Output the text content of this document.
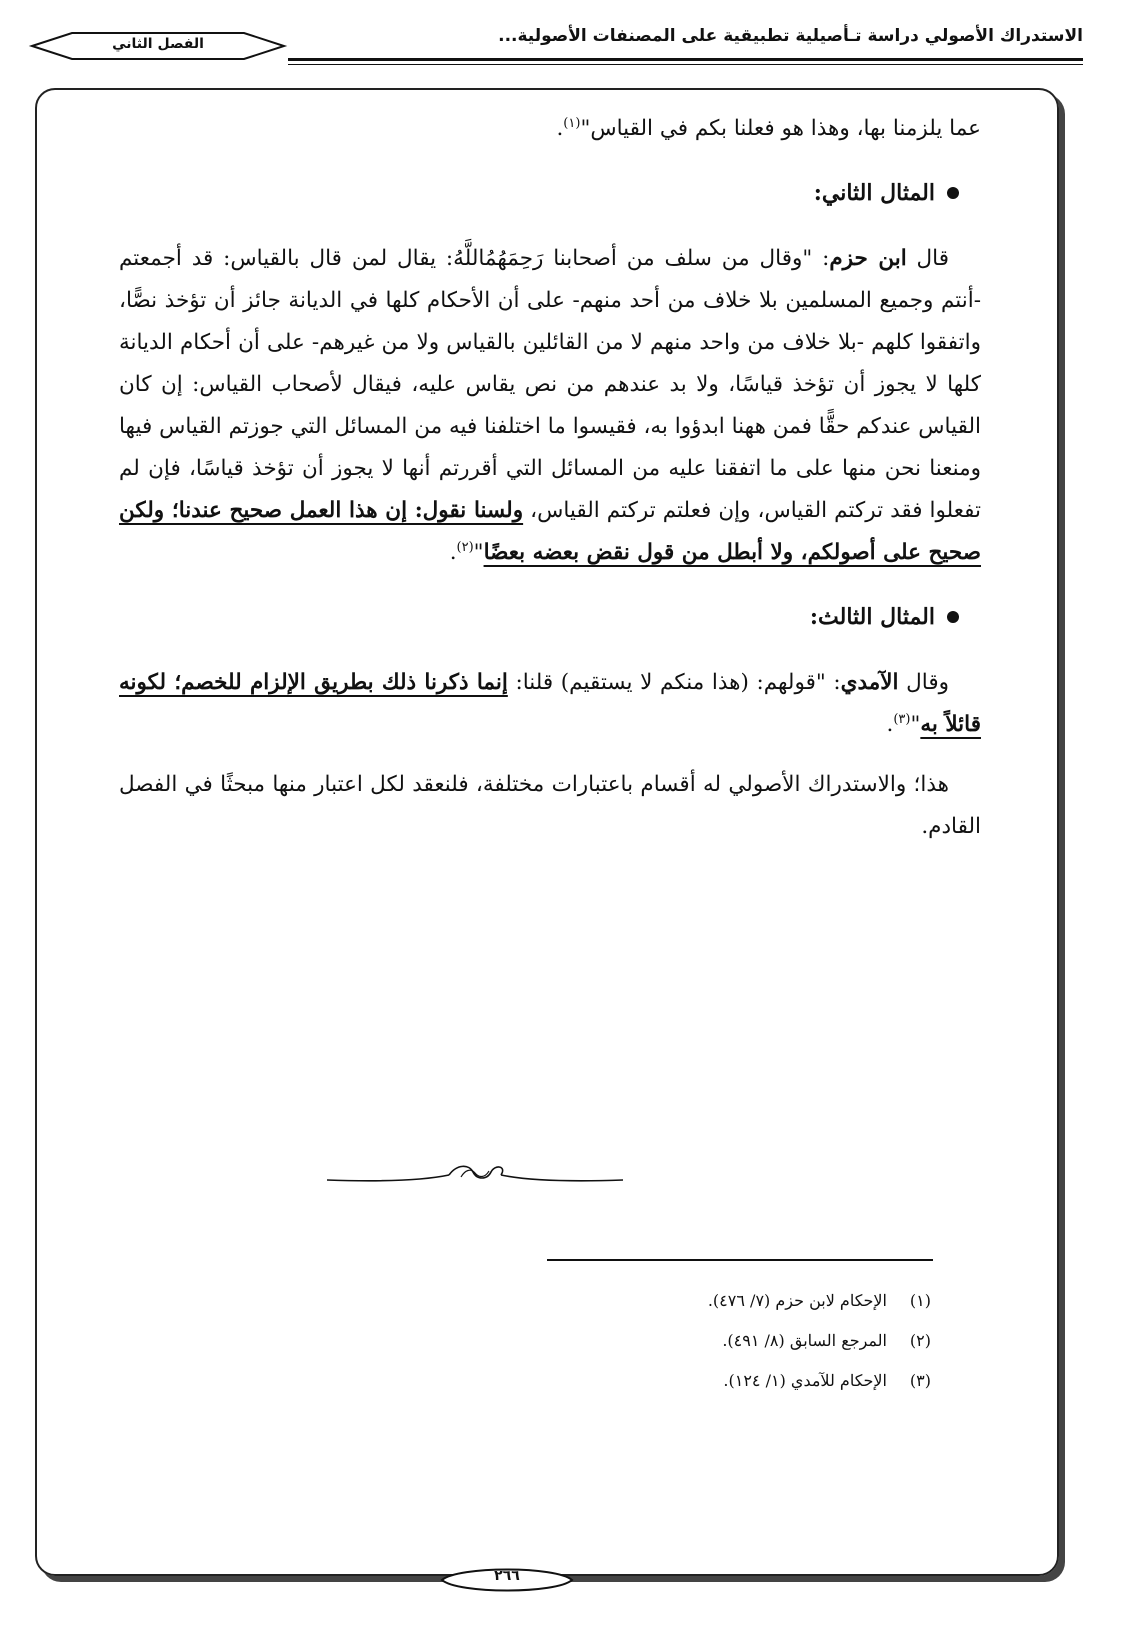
الاستدراك الأصولي دراسة تـأصيلية تطبيقية على المصنفات الأصولية...
الفصل الثاني

عما يلزمنا بها، وهذا هو فعلنا بكم في القياس"$^{(١)}$.

المثال الثاني:

قال ابن حزم: "وقال من سلف من أصحابنا رَحِمَهُمُاللَّهُ: يقال لمن قال بالقياس: قد أجمعتم -أنتم وجميع المسلمين بلا خلاف من أحد منهم- على أن الأحكام كلها في الديانة جائز أن تؤخذ نصًّا، واتفقوا كلهم -بلا خلاف من واحد منهم لا من القائلين بالقياس ولا من غيرهم- على أن أحكام الديانة كلها لا يجوز أن تؤخذ قياسًا، ولا بد عندهم من نص يقاس عليه، فيقال لأصحاب القياس: إن كان القياس عندكم حقًّا فمن ههنا ابدؤوا به، فقيسوا ما اختلفنا فيه من المسائل التي جوزتم القياس فيها ومنعنا نحن منها على ما اتفقنا عليه من المسائل التي أقررتم أنها لا يجوز أن تؤخذ قياسًا، فإن لم تفعلوا فقد تركتم القياس، وإن فعلتم تركتم القياس، ولسنا نقول: إن هذا العمل صحيح عندنا؛ ولكن صحيح على أصولكم، ولا أبطل من قول نقض بعضه بعضًا"$^{(٢)}$.

المثال الثالث:

وقال الآمدي: "قولهم: (هذا منكم لا يستقيم) قلنا: إنما ذكرنا ذلك بطريق الإلزام للخصم؛ لكونه قائلاً به"$^{(٣)}$.

هذا؛ والاستدراك الأصولي له أقسام باعتبارات مختلفة، فلنعقد لكل اعتبار منها مبحثًا في الفصل القادم.

(١)الإحكام لابن حزم (٧/ ٤٧٦).
(٢)المرجع السابق (٨/ ٤٩١).
(٣)الإحكام للآمدي (١/ ١٢٤).
٢٦٦
